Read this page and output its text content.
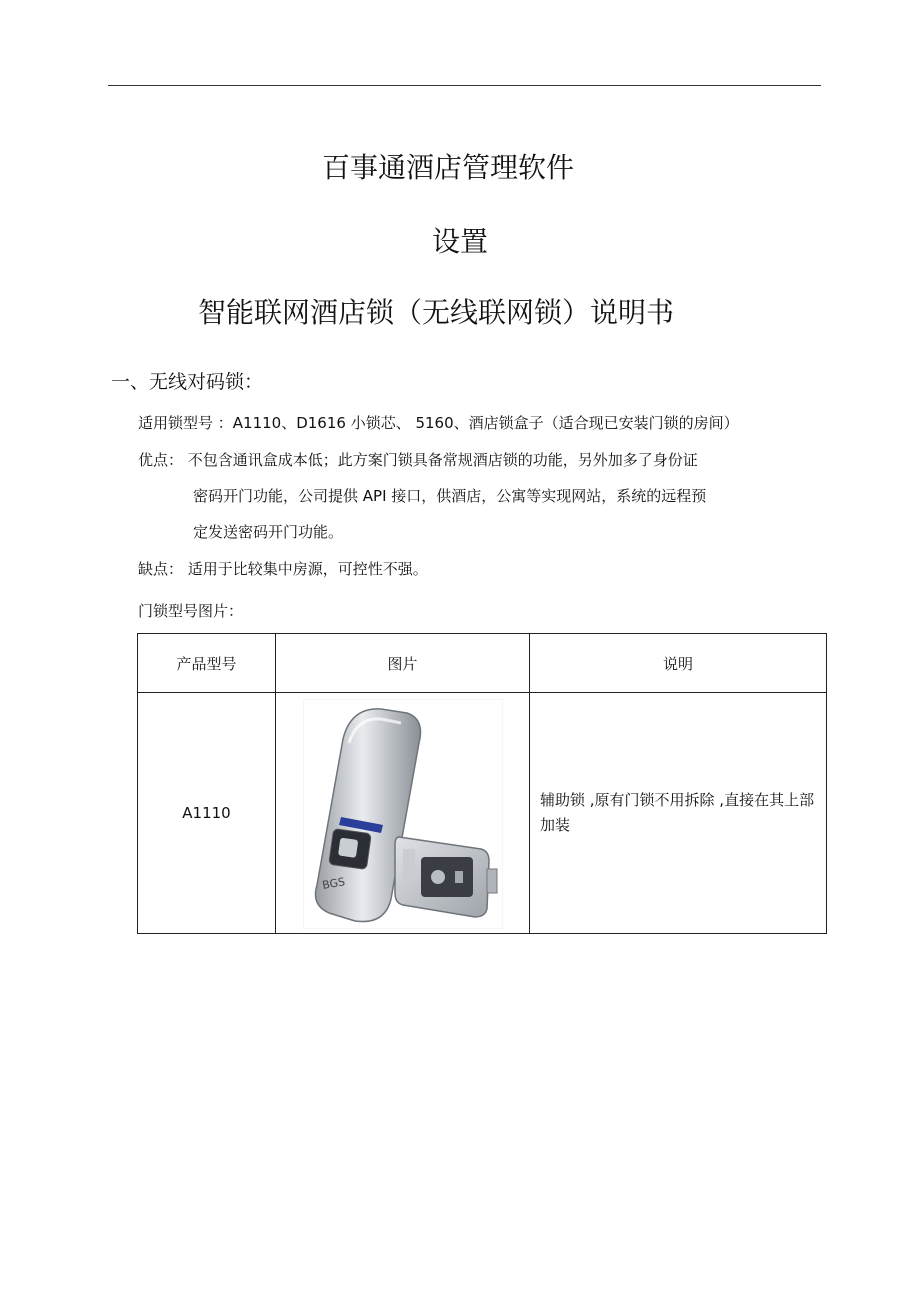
百事通酒店管理软件
设置
智能联网酒店锁（无线联网锁）说明书
一、无线对码锁：
适用锁型号 ：A1110、D1616 小锁芯、 5160、酒店锁盒子（适合现已安装门锁的房间）
优点： 不包含通讯盒成本低；此方案门锁具备常规酒店锁的功能，另外加多了身份证
密码开门功能，公司提供 API 接口，供酒店，公寓等实现网站，系统的远程预
定发送密码开门功能。
缺点： 适用于比较集中房源，可控性不强。
门锁型号图片：
产品型号	图片	说明
A1110	BGS	辅助锁 ,原有门锁不用拆除 ,直接在其上部加装
